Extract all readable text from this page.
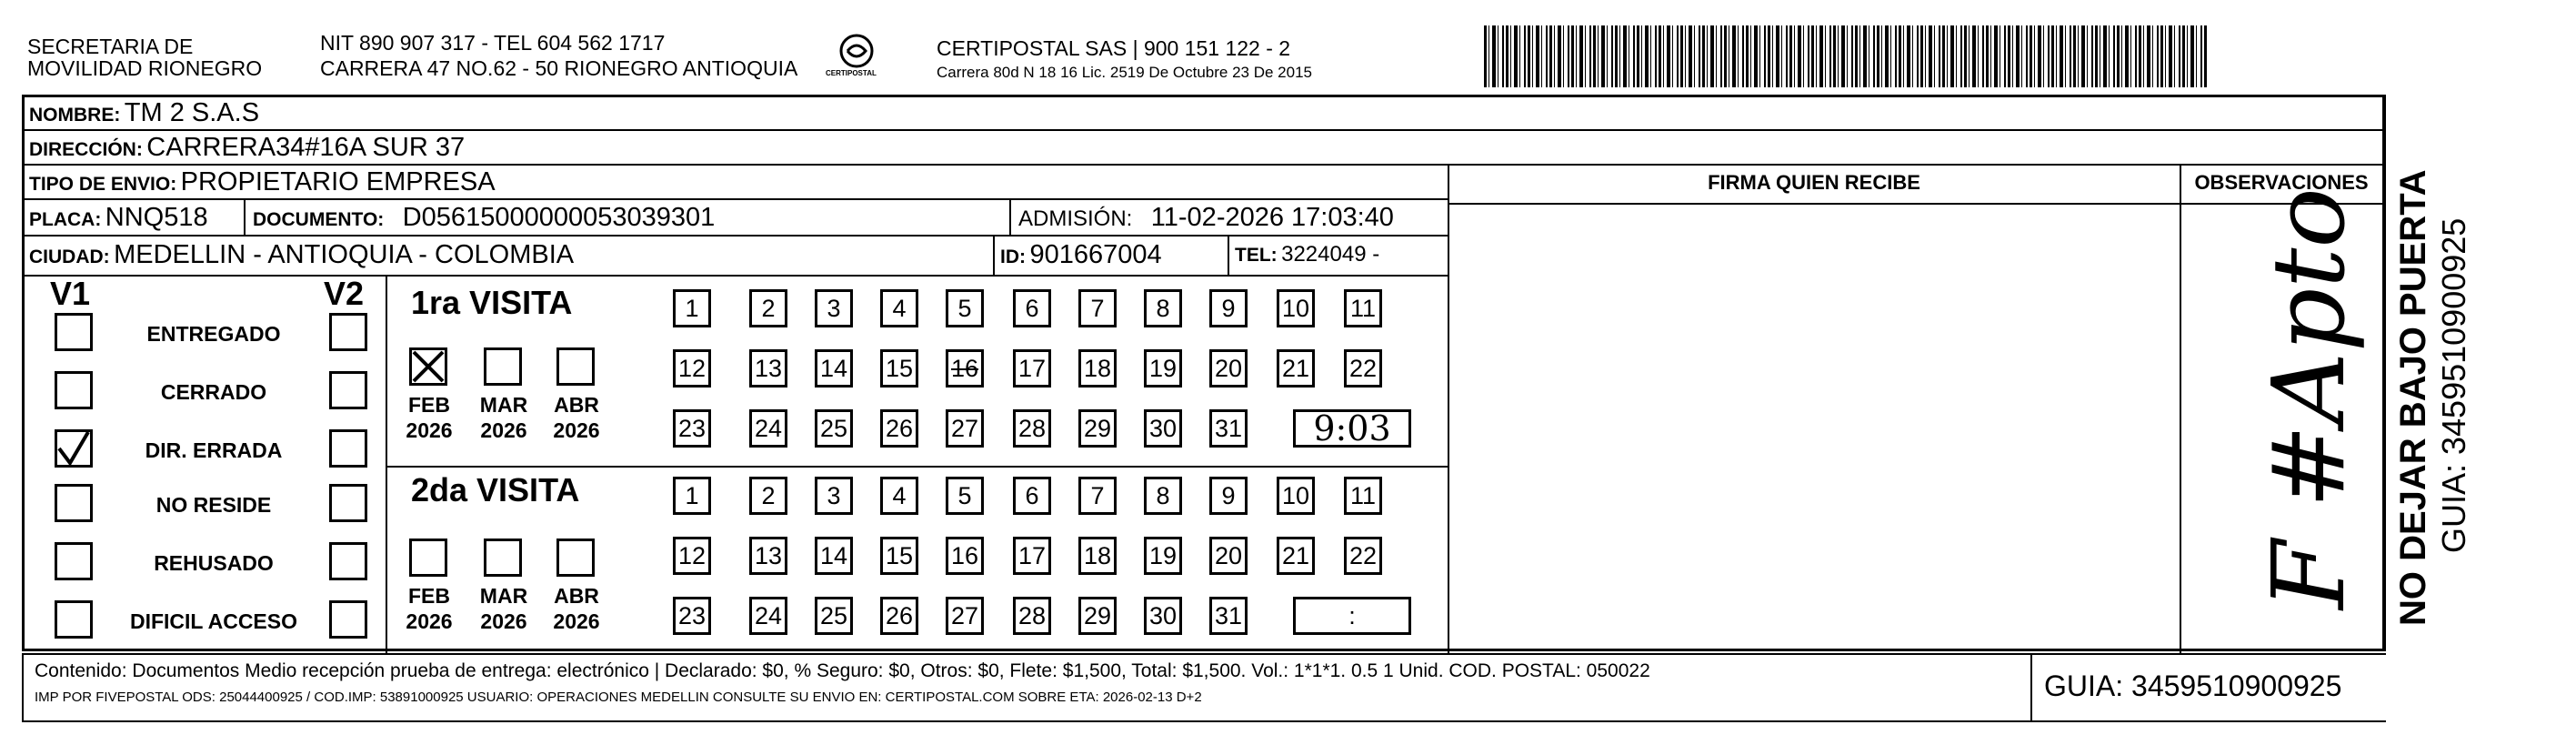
SECRETARIA DE
MOVILIDAD RIONEGRO
NIT 890 907 317 - TEL 604 562 1717
CARRERA 47 NO.62 - 50 RIONEGRO ANTIOQUIA	CERTIPOSTAL
CERTIPOSTAL SAS | 900 151 122 - 2
Carrera 80d N 18 16 Lic. 2519 De Octubre 23 De 2015
NOMBRE: TM 2 S.A.S
DIRECCIÓN: CARRERA34#16A SUR 37
TIPO DE ENVIO: PROPIETARIO EMPRESA	FIRMA QUIEN RECIBE	OBSERVACIONES
PLACA: NNQ518 DOCUMENTO: D05615000000053039301	ADMISIÓN: 11-02-2026 17:03:40
CIUDAD: MEDELLIN - ANTIOQUIA - COLOMBIA	ID: 901667004	TEL: 3224049 -
V1	V2
ENTREGADO
CERRADO
DIR. ERRADA
NO RESIDE
REHUSADO
DIFICIL ACCESO
1ra VISITA
2da VISITA
FEB
2026
MAR
2026
ABR
2026
1	2	3	4	5	6	7	8	9	10 11
12 13 14 15 16 17 18 19 20 21 22
23 24 25 26 27 28 29 30 31	9:03
FEB
2026
MAR
2026
ABR
2026
1	2	3	4	5	6	7	8	9	10 11
12 13 14 15 16 17 18 19 20 21 22
23 24 25 26 27 28 29 30 31	:
F #Apto
Contenido: Documentos Medio recepción prueba de entrega: electrónico | Declarado: $0, % Seguro: $0, Otros: $0, Flete: $1,500, Total: $1,500. Vol.: 1*1*1. 0.5 1 Unid. COD. POSTAL: 050022
IMP POR FIVEPOSTAL ODS: 25044400925 / COD.IMP: 53891000925 USUARIO: OPERACIONES MEDELLIN CONSULTE SU ENVIO EN: CERTIPOSTAL.COM SOBRE ETA: 2026-02-13 D+2	GUIA: 3459510900925
NO DEJAR BAJO PUERTA GUIA: 3459510900925
